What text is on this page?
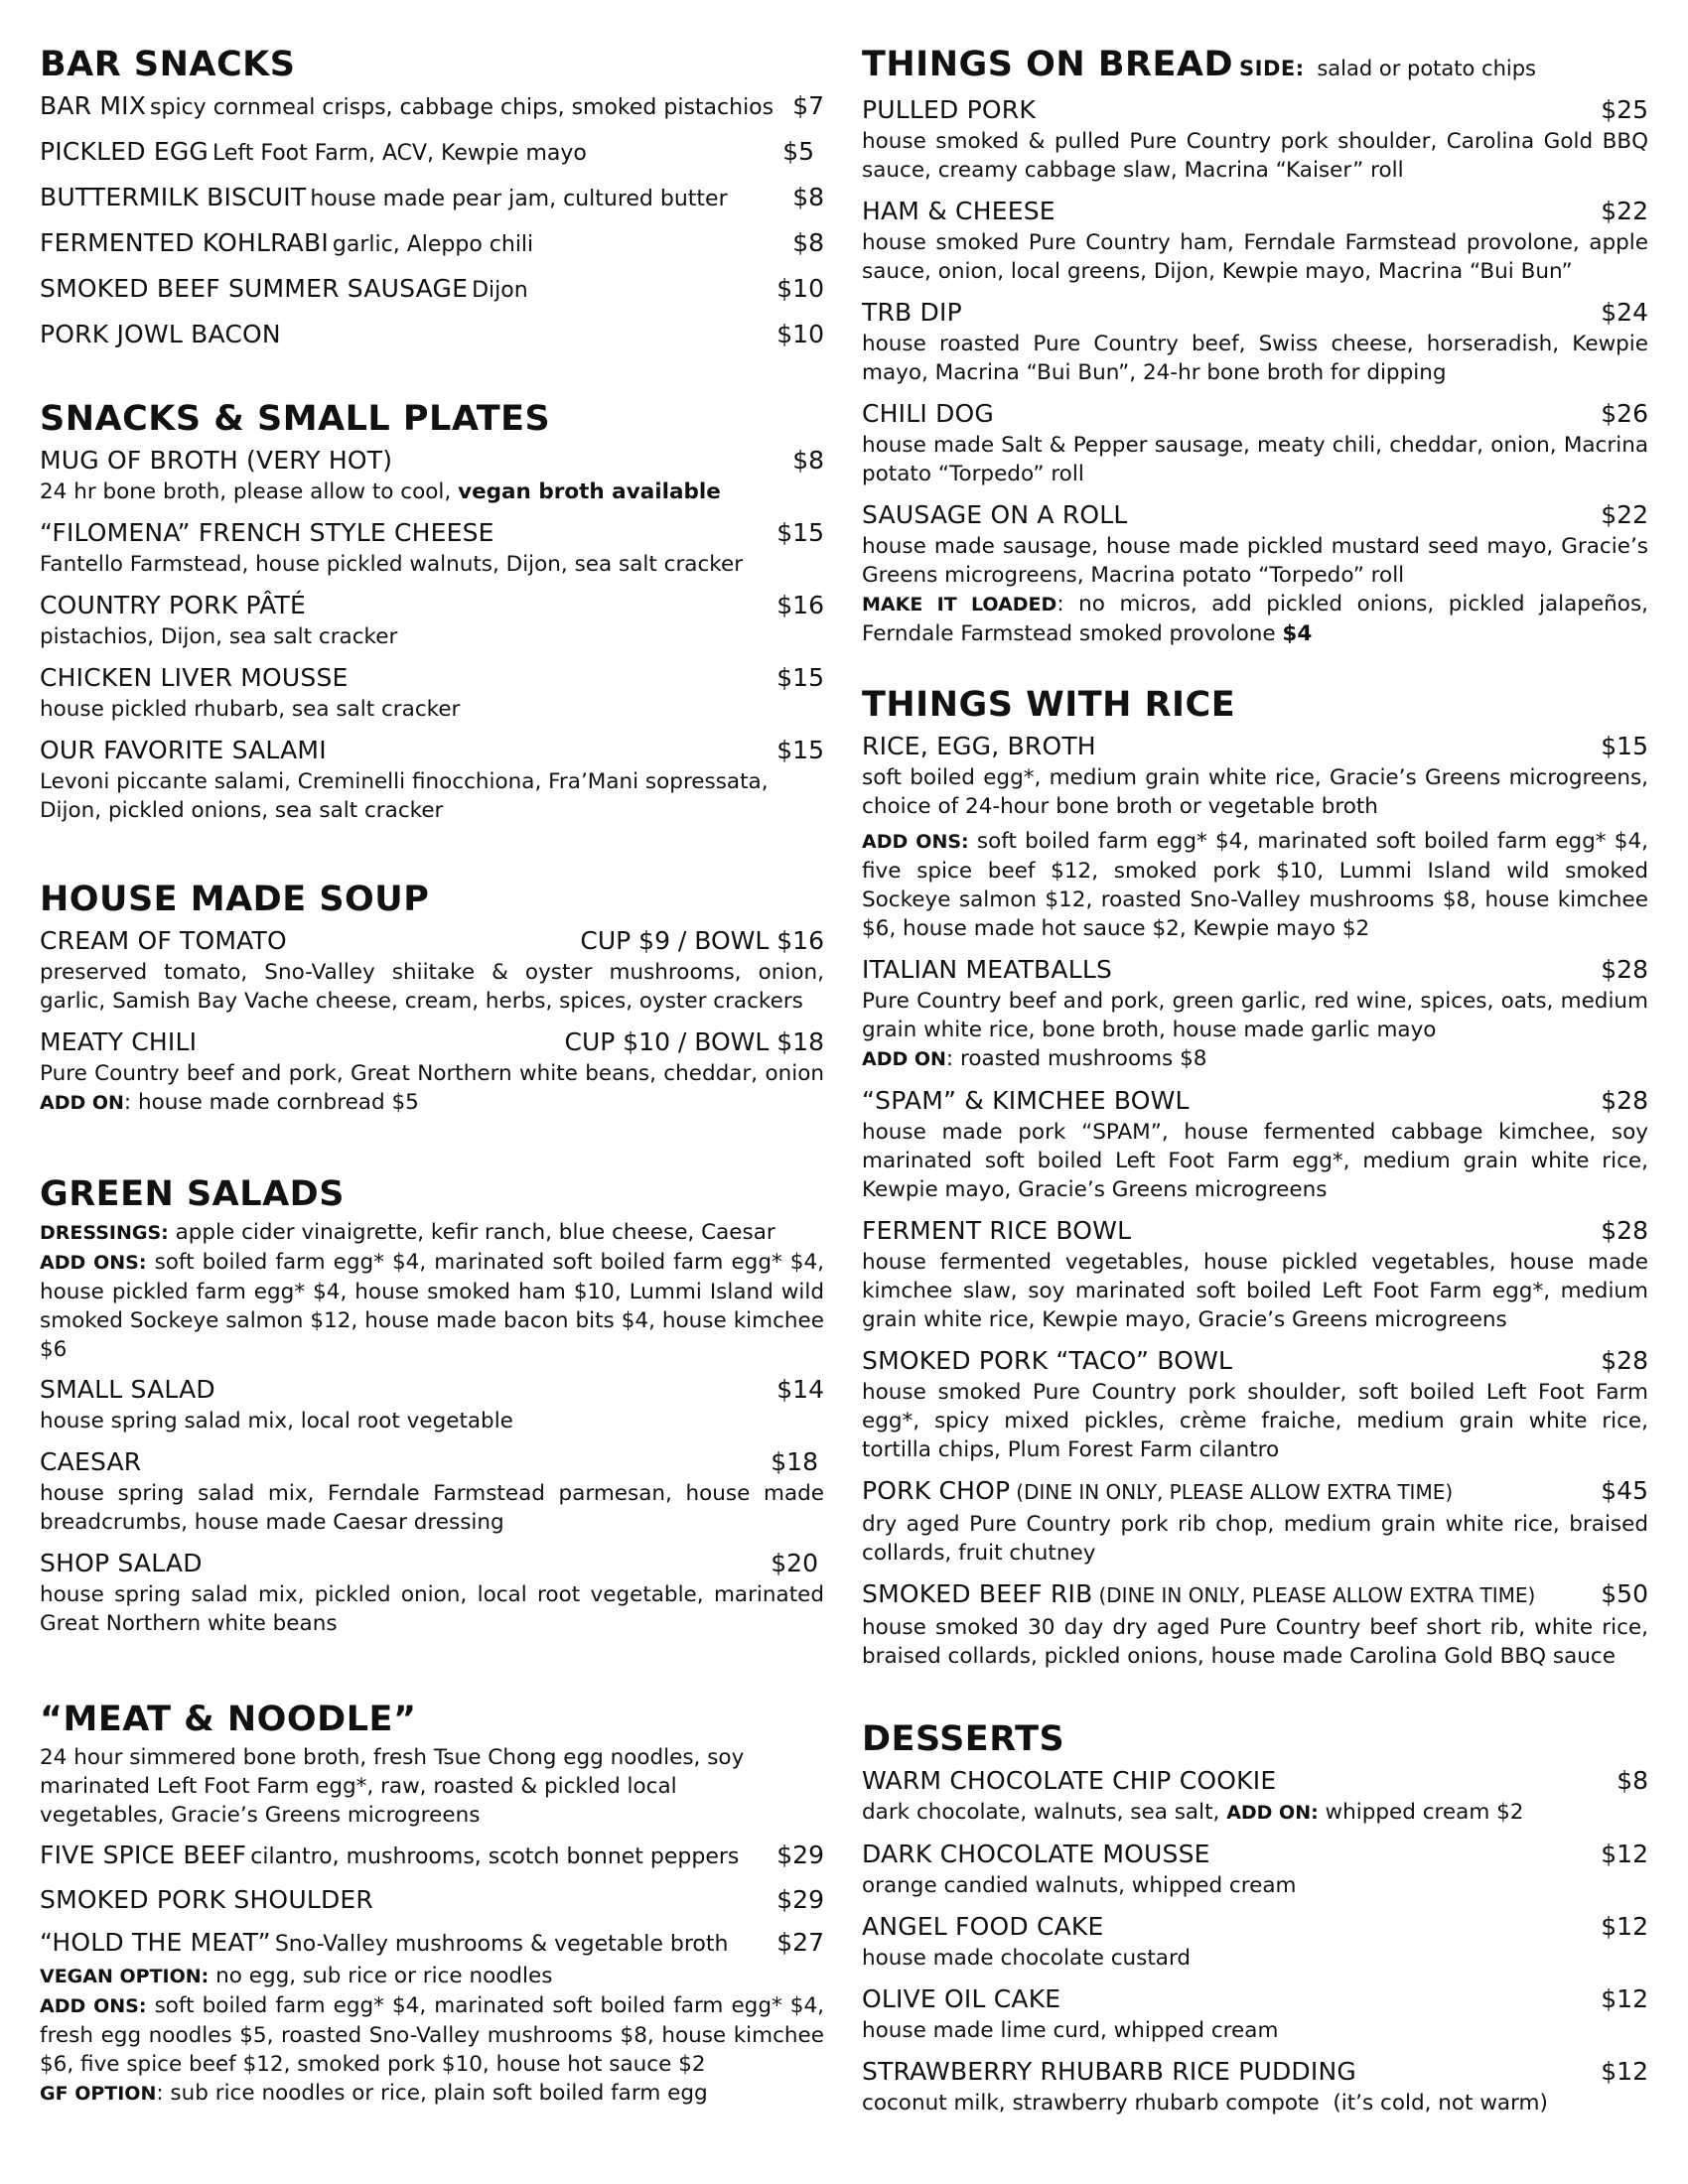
BAR SNACKS
BAR MIX spicy cornmeal crisps, cabbage chips, smoked pistachios $7
PICKLED EGG Left Foot Farm, ACV, Kewpie mayo	$5
BUTTERMILK BISCUIT house made pear jam, cultured butter	$8
FERMENTED KOHLRABI garlic, Aleppo chili	$8
SMOKED BEEF SUMMER SAUSAGE Dijon	$10
PORK JOWL BACON	$10
SNACKS & SMALL PLATES
MUG OF BROTH (VERY HOT)	$8
24 hr bone broth, please allow to cool, vegan broth available
“FILOMENA” FRENCH STYLE CHEESE	$15
Fantello Farmstead, house pickled walnuts, Dijon, sea salt cracker
COUNTRY PORK PÂTÉ	$16
pistachios, Dijon, sea salt cracker
CHICKEN LIVER MOUSSE	$15
house pickled rhubarb, sea salt cracker
OUR FAVORITE SALAMI	$15
Levoni piccante salami, Creminelli finocchiona, Fra’Mani sopressata, Dijon, pickled onions, sea salt cracker
HOUSE MADE SOUP
CREAM OF TOMATO	CUP $9 / BOWL $16
preserved tomato, Sno-Valley shiitake & oyster mushrooms, onion, garlic, Samish Bay Vache cheese, cream, herbs, spices, oyster crackers
MEATY CHILI	CUP $10 / BOWL $18
Pure Country beef and pork, Great Northern white beans, cheddar, onion ADD ON: house made cornbread $5
GREEN SALADS
DRESSINGS: apple cider vinaigrette, kefir ranch, blue cheese, Caesar
ADD ONS: soft boiled farm egg* $4, marinated soft boiled farm egg* $4, house pickled farm egg* $4, house smoked ham $10, Lummi Island wild smoked Sockeye salmon $12, house made bacon bits $4, house kimchee $6
SMALL SALAD	$14
house spring salad mix, local root vegetable
CAESAR	$18
house spring salad mix, Ferndale Farmstead parmesan, house made breadcrumbs, house made Caesar dressing
SHOP SALAD	$20
house spring salad mix, pickled onion, local root vegetable, marinated Great Northern white beans
“MEAT & NOODLE”
24 hour simmered bone broth, fresh Tsue Chong egg noodles, soy marinated Left Foot Farm egg*, raw, roasted & pickled local vegetables, Gracie’s Greens microgreens
FIVE SPICE BEEF cilantro, mushrooms, scotch bonnet peppers $29
SMOKED PORK SHOULDER	$29
“HOLD THE MEAT” Sno-Valley mushrooms & vegetable broth $27
VEGAN OPTION: no egg, sub rice or rice noodles
ADD ONS: soft boiled farm egg* $4, marinated soft boiled farm egg* $4, fresh egg noodles $5, roasted Sno-Valley mushrooms $8, house kimchee $6, five spice beef $12, smoked pork $10, house hot sauce $2
GF OPTION: sub rice noodles or rice, plain soft boiled farm egg
THINGS ON BREAD SIDE: salad or potato chips
PULLED PORK	$25
house smoked & pulled Pure Country pork shoulder, Carolina Gold BBQ sauce, creamy cabbage slaw, Macrina “Kaiser” roll
HAM & CHEESE	$22
house smoked Pure Country ham, Ferndale Farmstead provolone, apple sauce, onion, local greens, Dijon, Kewpie mayo, Macrina “Bui Bun”
TRB DIP	$24
house roasted Pure Country beef, Swiss cheese, horseradish, Kewpie mayo, Macrina “Bui Bun”, 24-hr bone broth for dipping
CHILI DOG	$26
house made Salt & Pepper sausage, meaty chili, cheddar, onion, Macrina potato “Torpedo” roll
SAUSAGE ON A ROLL	$22
house made sausage, house made pickled mustard seed mayo, Gracie’s Greens microgreens, Macrina potato “Torpedo” roll
MAKE IT LOADED: no micros, add pickled onions, pickled jalapeños, Ferndale Farmstead smoked provolone $4
THINGS WITH RICE
RICE, EGG, BROTH	$15
soft boiled egg*, medium grain white rice, Gracie’s Greens microgreens, choice of 24-hour bone broth or vegetable broth
ADD ONS: soft boiled farm egg* $4, marinated soft boiled farm egg* $4, five spice beef $12, smoked pork $10, Lummi Island wild smoked Sockeye salmon $12, roasted Sno-Valley mushrooms $8, house kimchee $6, house made hot sauce $2, Kewpie mayo $2
ITALIAN MEATBALLS	$28
Pure Country beef and pork, green garlic, red wine, spices, oats, medium grain white rice, bone broth, house made garlic mayo
ADD ON: roasted mushrooms $8
“SPAM” & KIMCHEE BOWL	$28
house made pork “SPAM”, house fermented cabbage kimchee, soy marinated soft boiled Left Foot Farm egg*, medium grain white rice, Kewpie mayo, Gracie’s Greens microgreens
FERMENT RICE BOWL	$28
house fermented vegetables, house pickled vegetables, house made kimchee slaw, soy marinated soft boiled Left Foot Farm egg*, medium grain white rice, Kewpie mayo, Gracie’s Greens microgreens
SMOKED PORK “TACO” BOWL	$28
house smoked Pure Country pork shoulder, soft boiled Left Foot Farm egg*, spicy mixed pickles, crème fraiche, medium grain white rice, tortilla chips, Plum Forest Farm cilantro
PORK CHOP (DINE IN ONLY, PLEASE ALLOW EXTRA TIME)	$45
dry aged Pure Country pork rib chop, medium grain white rice, braised collards, fruit chutney
SMOKED BEEF RIB (DINE IN ONLY, PLEASE ALLOW EXTRA TIME)	$50
house smoked 30 day dry aged Pure Country beef short rib, white rice, braised collards, pickled onions, house made Carolina Gold BBQ sauce
DESSERTS
WARM CHOCOLATE CHIP COOKIE	$8
dark chocolate, walnuts, sea salt, ADD ON: whipped cream $2
DARK CHOCOLATE MOUSSE	$12
orange candied walnuts, whipped cream
ANGEL FOOD CAKE	$12
house made chocolate custard
OLIVE OIL CAKE	$12
house made lime curd, whipped cream
STRAWBERRY RHUBARB RICE PUDDING	$12
coconut milk, strawberry rhubarb compote  (it’s cold, not warm)
